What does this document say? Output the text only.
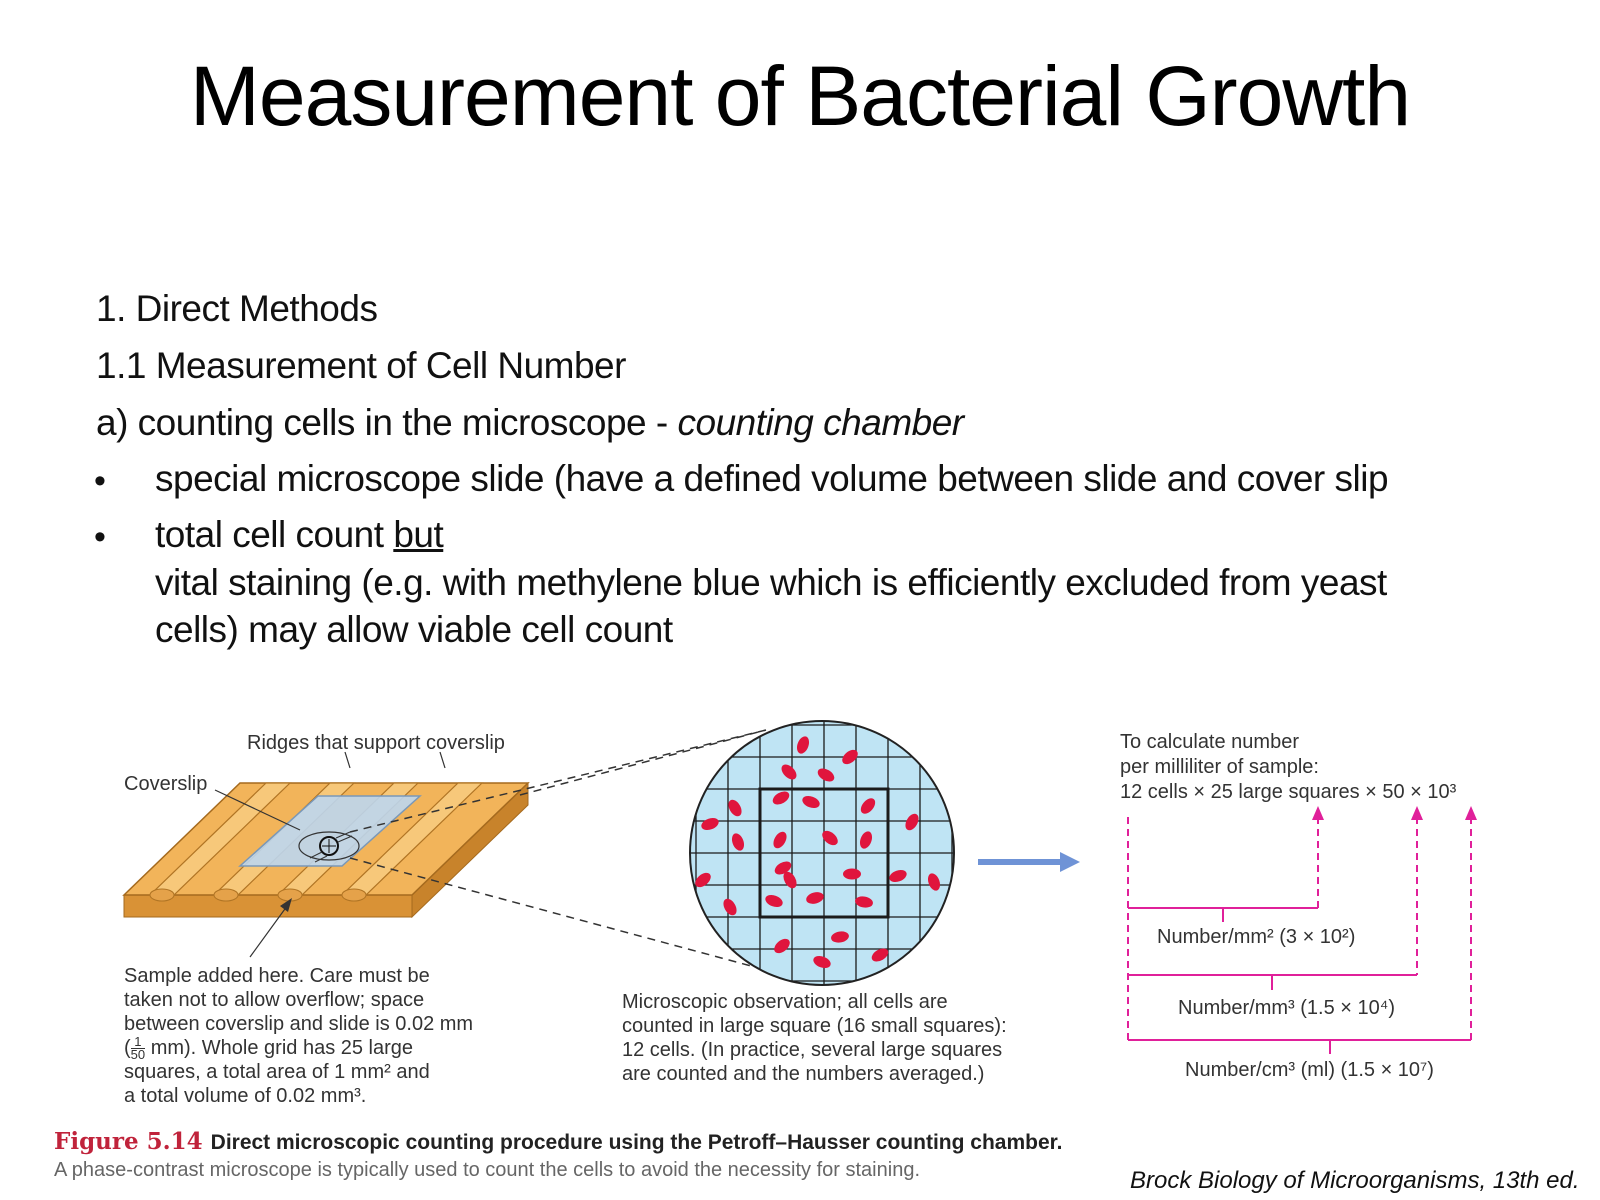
Measurement of Bacterial Growth
1. Direct Methods
1.1 Measurement of Cell Number
a) counting cells in the microscope - counting chamber
• special microscope slide (have a defined volume between slide and cover slip
• total cell count but
vital staining (e.g. with methylene blue which is efficiently excluded from yeast
cells) may allow viable cell count
Ridges that support coverslip
Coverslip
Sample added here. Care must be
taken not to allow overflow; space
between coverslip and slide is 0.02 mm
( $\frac{1}{50} mm$). Whole grid has 25 large
squares, a total area of 1 mm² and
a total volume of 0.02 mm³.
Microscopic observation; all cells are
counted in large square (16 small squares):
12 cells. (In practice, several large squares
are counted and the numbers averaged.)
To calculate number
per milliliter of sample:
12 cells × 25 large squares × 50 × 10³
Number/mm² (3 × 10²)
Number/mm³ (1.5 × 10⁴)
Number/cm³ (ml) (1.5 × 10⁷)
Figure 5.14 Direct microscopic counting procedure using the Petroff–Hausser counting chamber.
A phase-contrast microscope is typically used to count the cells to avoid the necessity for staining.	Brock Biology of Microorganisms, 13th ed.
